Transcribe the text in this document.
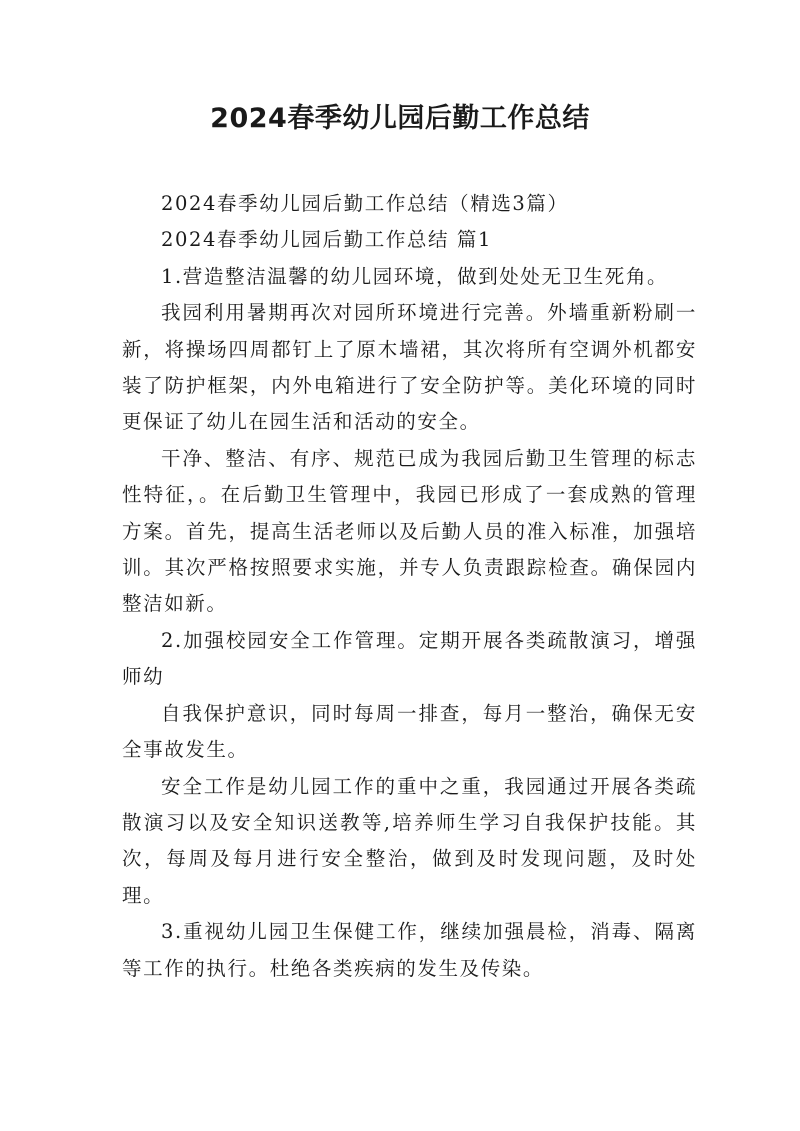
2024春季幼儿园后勤工作总结

2024春季幼儿园后勤工作总结（精选3篇）

2024春季幼儿园后勤工作总结 篇1

1.营造整洁温馨的幼儿园环境，做到处处无卫生死角。

我园利用暑期再次对园所环境进行完善。外墙重新粉刷一新，将操场四周都钉上了原木墙裙，其次将所有空调外机都安装了防护框架，内外电箱进行了安全防护等。美化环境的同时更保证了幼儿在园生活和活动的安全。

干净、整洁、有序、规范已成为我园后勤卫生管理的标志性特征，。在后勤卫生管理中，我园已形成了一套成熟的管理方案。首先，提高生活老师以及后勤人员的准入标准，加强培训。其次严格按照要求实施，并专人负责跟踪检查。确保园内整洁如新。

2.加强校园安全工作管理。定期开展各类疏散演习，增强师幼

自我保护意识，同时每周一排查，每月一整治，确保无安全事故发生。

安全工作是幼儿园工作的重中之重，我园通过开展各类疏散演习以及安全知识送教等,培养师生学习自我保护技能。其次，每周及每月进行安全整治，做到及时发现问题，及时处理。

3.重视幼儿园卫生保健工作，继续加强晨检，消毒、隔离等工作的执行。杜绝各类疾病的发生及传染。
